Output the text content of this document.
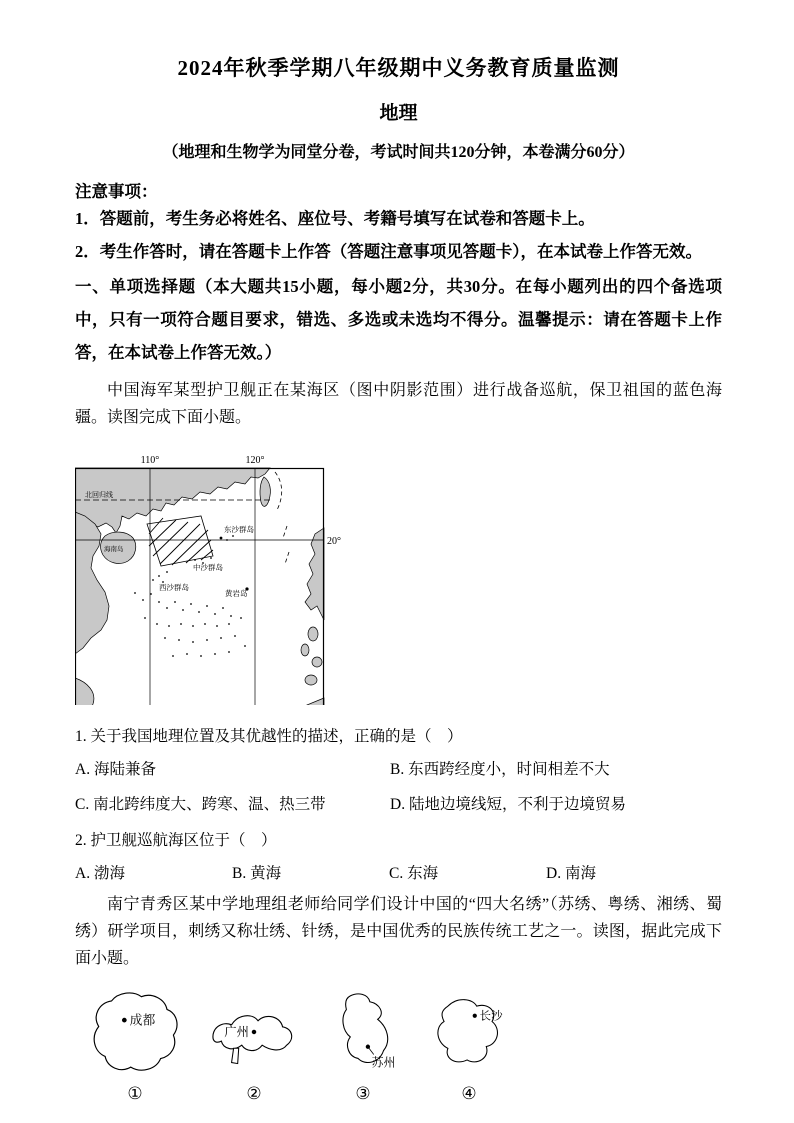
2024年秋季学期八年级期中义务教育质量监测
地理
（地理和生物学为同堂分卷，考试时间共120分钟，本卷满分60分）
注意事项：
1．答题前，考生务必将姓名、座位号、考籍号填写在试卷和答题卡上。
2．考生作答时，请在答题卡上作答（答题注意事项见答题卡），在本试卷上作答无效。

一、单项选择题（本大题共15小题，每小题2分，共30分。在每小题列出的四个备选项中，只有一项符合题目要求，错选、多选或未选均不得分。温馨提示：请在答题卡上作答，在本试卷上作答无效。）

中国海军某型护卫舰正在某海区（图中阴影范围）进行战备巡航，保卫祖国的蓝色海疆。读图完成下面小题。

北回归线
110°	120°
20°
东沙群岛
海南岛
中沙群岛
西沙群岛
黄岩岛
1. 关于我国地理位置及其优越性的描述，正确的是（　）
A. 海陆兼备	B. 东西跨经度小，时间相差不大
C. 南北跨纬度大、跨寒、温、热三带	D. 陆地边境线短，不利于边境贸易
2. 护卫舰巡航海区位于（　）
A. 渤海	B. 黄海	C. 东海	D. 南海

南宁青秀区某中学地理组老师给同学们设计中国的“四大名绣”（苏绣、粤绣、湘绣、蜀绣）研学项目，刺绣又称壮绣、针绣，是中国优秀的民族传统工艺之一。读图，据此完成下面小题。

成都
①
广州
②
苏州
③
长沙
④
